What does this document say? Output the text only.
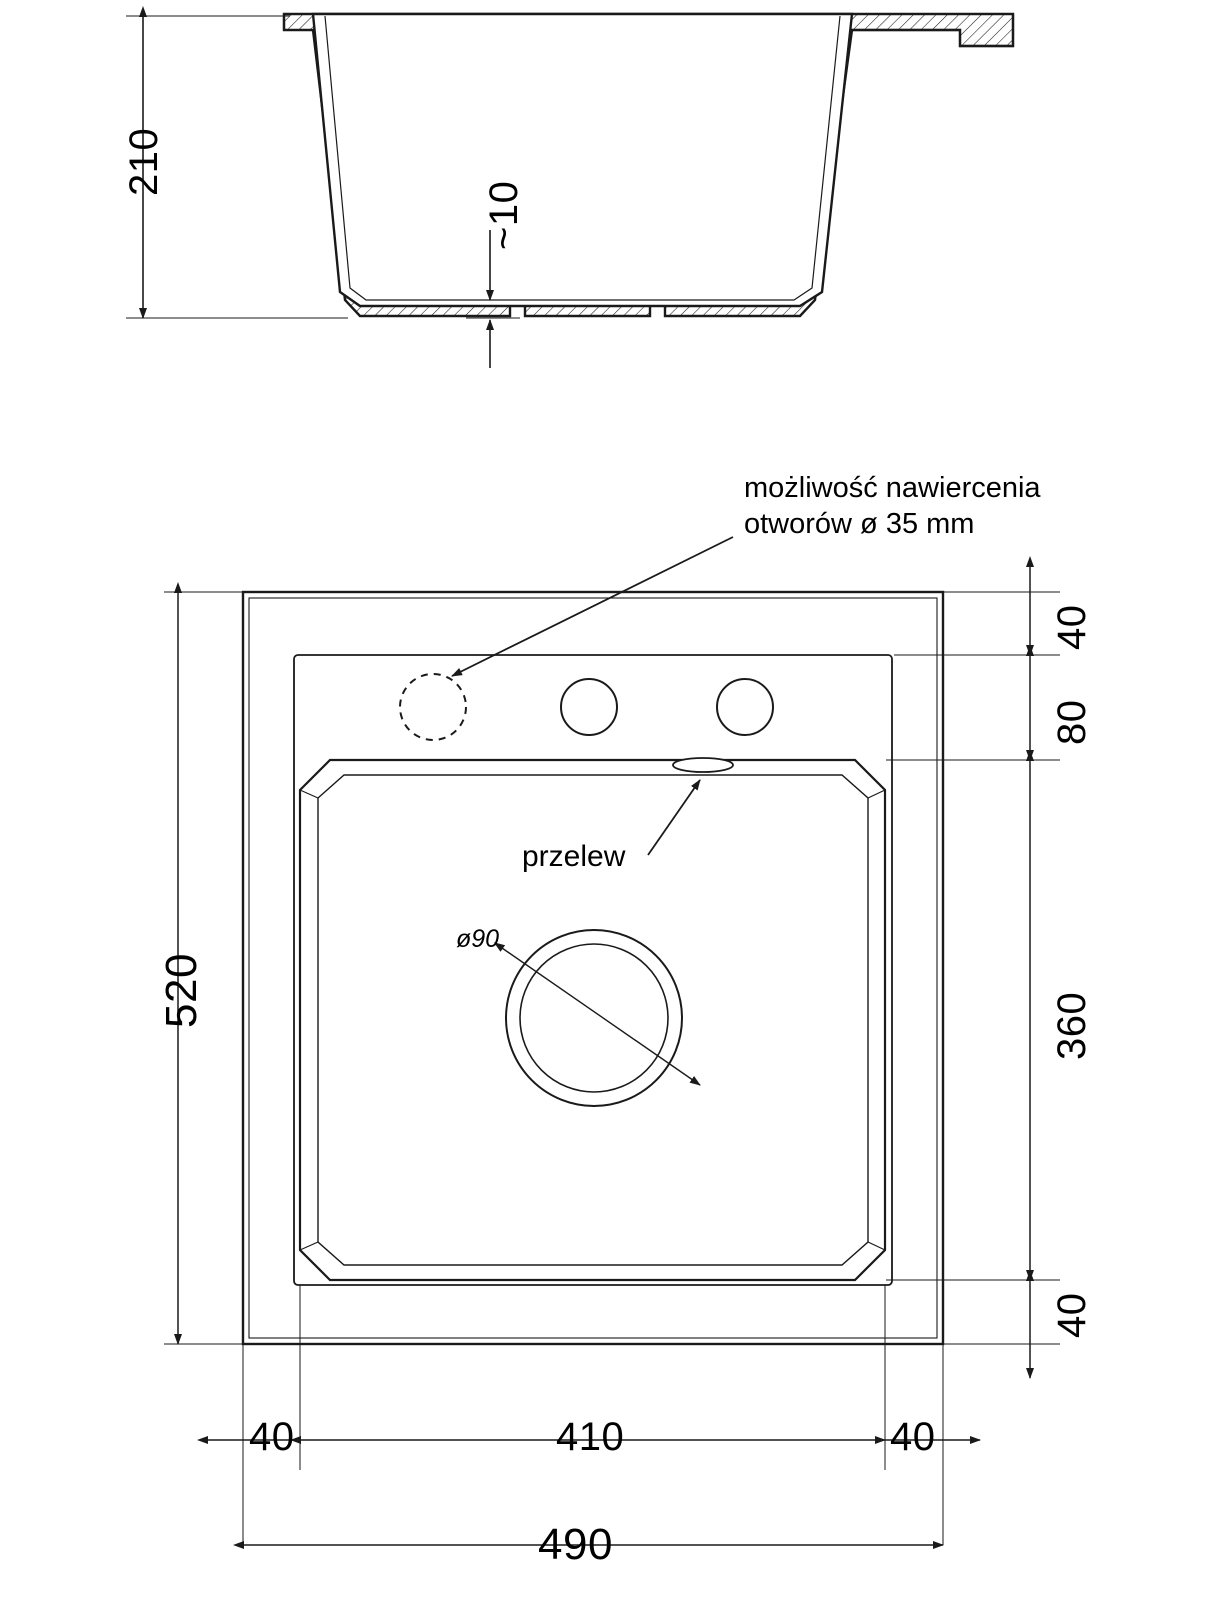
210
~10
możliwość nawiercenia
otworów ø 35 mm
przelew
ø90
40
80
360
40
520
40	410	40
490
